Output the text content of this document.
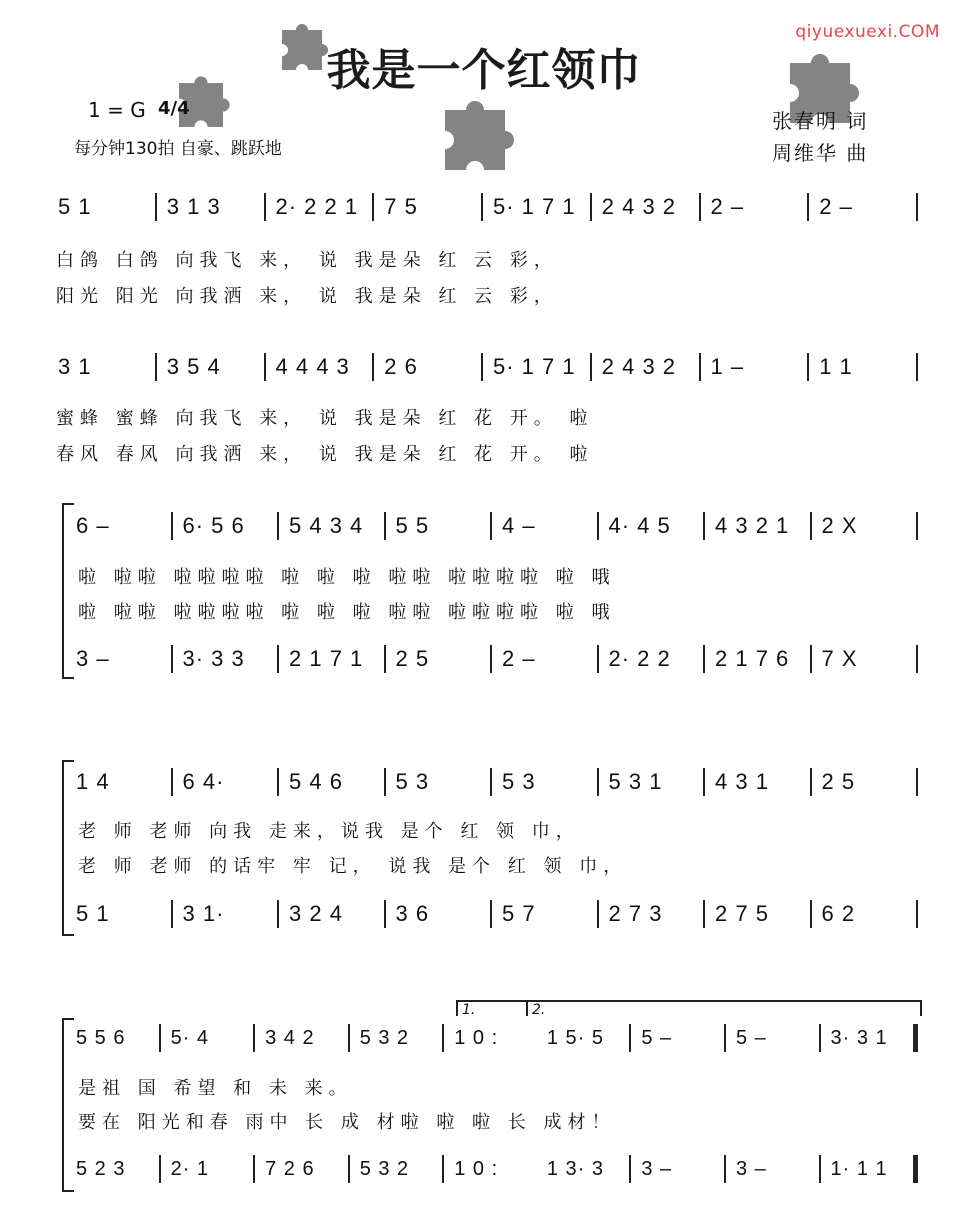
qiyuexuexi.COM
我是一个红领巾
1 = G 4/4
每分钟130拍 自豪、跳跃地
张春明 词
周维华 曲
5 1	3 1 3	2· 2 2 1	7 5	5· 1 7 1	2 4 3 2	2 –	2 –
白鸽 白鸽 向我飞 来， 说 我是朵 红 云 彩，
阳光 阳光 向我洒 来， 说 我是朵 红 云 彩，
3 1	3 5 4	4 4 4 3	2 6	5· 1 7 1	2 4 3 2	1 –	1 1
蜜蜂 蜜蜂 向我飞 来， 说 我是朵 红 花 开。 啦
春风 春风 向我洒 来， 说 我是朵 红 花 开。 啦
6 –	6· 5 6	5 4 3 4	5 5	4 –	4· 4 5	4 3 2 1	2 X
啦 啦啦 啦啦啦啦 啦 啦 啦 啦啦 啦啦啦啦 啦 哦
啦 啦啦 啦啦啦啦 啦 啦 啦 啦啦 啦啦啦啦 啦 哦
3 –	3· 3 3	2 1 7 1	2 5	2 –	2· 2 2	2 1 7 6	7 X
1 4	6 4·	5 4 6	5 3	5 3	5 3 1	4 3 1	2 5
老 师 老师 向我 走来，说我 是个 红 领 巾，
老 师 老师 的话牢 牢 记， 说我 是个 红 领 巾，
5 1	3 1·	3 2 4	3 6	5 7	2 7 3	2 7 5	6 2
1.	2.
5 5 6	5· 4	3 4 2	5 3 2	1 0 :	1 5· 5	5 –	5 –	3· 3 1
是祖 国 希望 和 未 来。
要在 阳光和春 雨中 长 成 材啦 啦 啦 长 成材！
5 2 3	2· 1	7 2 6	5 3 2	1 0 :	1 3· 3	3 –	3 –	1· 1 1
